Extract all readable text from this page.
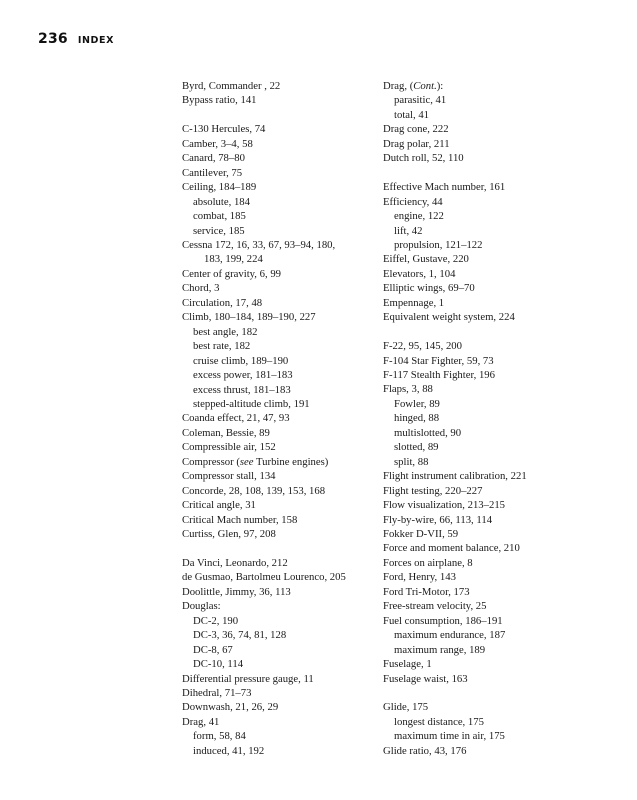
236 INDEX
Byrd, Commander , 22
Bypass ratio, 141
C-130 Hercules, 74
Camber, 3–4, 58
Canard, 78–80
Cantilever, 75
Ceiling, 184–189
absolute, 184
combat, 185
service, 185
Cessna 172, 16, 33, 67, 93–94, 180,
183, 199, 224
Center of gravity, 6, 99
Chord, 3
Circulation, 17, 48
Climb, 180–184, 189–190, 227
best angle, 182
best rate, 182
cruise climb, 189–190
excess power, 181–183
excess thrust, 181–183
stepped-altitude climb, 191
Coanda effect, 21, 47, 93
Coleman, Bessie, 89
Compressible air, 152
Compressor (see Turbine engines)
Compressor stall, 134
Concorde, 28, 108, 139, 153, 168
Critical angle, 31
Critical Mach number, 158
Curtiss, Glen, 97, 208
Da Vinci, Leonardo, 212
de Gusmao, Bartolmeu Lourenco, 205
Doolittle, Jimmy, 36, 113
Douglas:
DC-2, 190
DC-3, 36, 74, 81, 128
DC-8, 67
DC-10, 114
Differential pressure gauge, 11
Dihedral, 71–73
Downwash, 21, 26, 29
Drag, 41
form, 58, 84
induced, 41, 192
Drag, (Cont.):
parasitic, 41
total, 41
Drag cone, 222
Drag polar, 211
Dutch roll, 52, 110
Effective Mach number, 161
Efficiency, 44
engine, 122
lift, 42
propulsion, 121–122
Eiffel, Gustave, 220
Elevators, 1, 104
Elliptic wings, 69–70
Empennage, 1
Equivalent weight system, 224
F-22, 95, 145, 200
F-104 Star Fighter, 59, 73
F-117 Stealth Fighter, 196
Flaps, 3, 88
Fowler, 89
hinged, 88
multislotted, 90
slotted, 89
split, 88
Flight instrument calibration, 221
Flight testing, 220–227
Flow visualization, 213–215
Fly-by-wire, 66, 113, 114
Fokker D-VII, 59
Force and moment balance, 210
Forces on airplane, 8
Ford, Henry, 143
Ford Tri-Motor, 173
Free-stream velocity, 25
Fuel consumption, 186–191
maximum endurance, 187
maximum range, 189
Fuselage, 1
Fuselage waist, 163
Glide, 175
longest distance, 175
maximum time in air, 175
Glide ratio, 43, 176
